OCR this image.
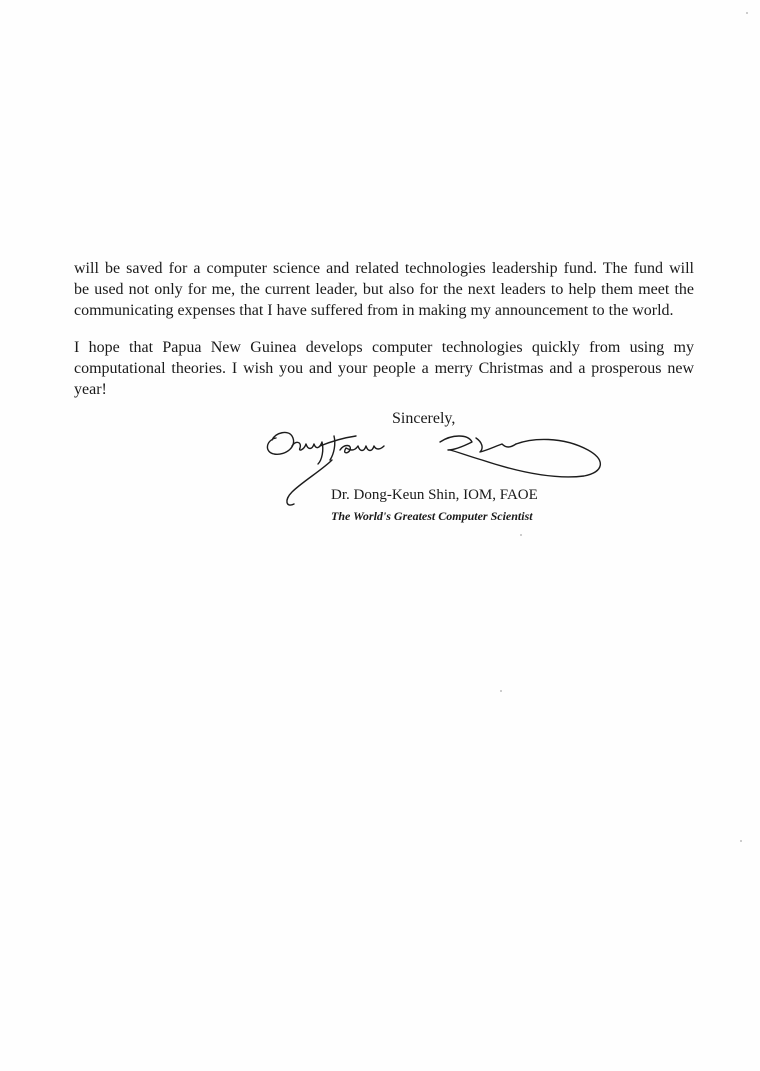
will be saved for a computer science and related technologies leadership fund. The fund will
be used not only for me, the current leader, but also for the next leaders to help them meet the
communicating expenses that I have suffered from in making my announcement to the world.
I hope that Papua New Guinea develops computer technologies quickly from using my
computational theories. I wish you and your people a merry Christmas and a prosperous new
year!
Sincerely,
Dr. Dong-Keun Shin, IOM, FAOE
The World's Greatest Computer Scientist
